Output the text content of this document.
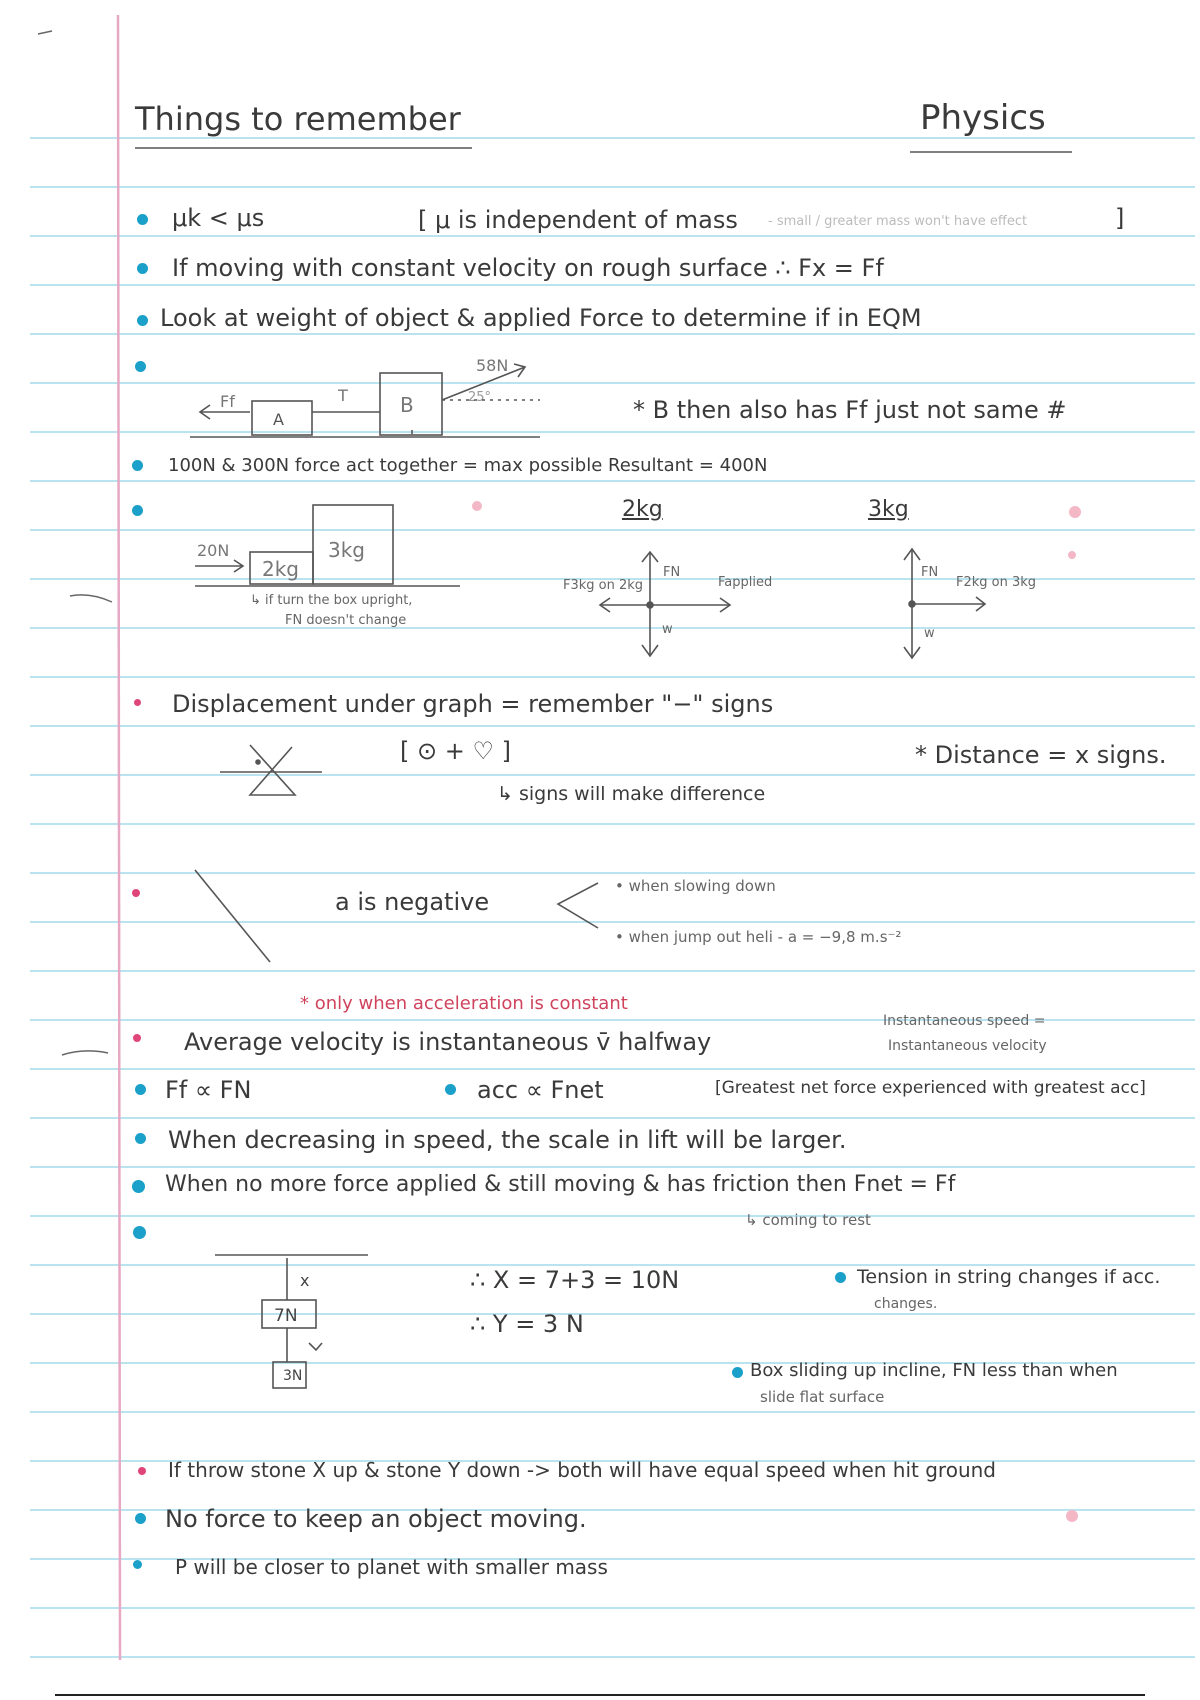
Things to remember	Physics
μk < μs	[ μ is independent of mass - small / greater mass won't have effect	]
If moving with constant velocity on rough surface ∴ Fx = Ff
Look at weight of object & applied Force to determine if in EQM
Ff
A
T	B
58N
25°	* B then also has Ff just not same #
100N & 300N force act together = max possible Resultant = 400N
20N
2kg
3kg
↳ if turn the box upright,
FN doesn't change
2kg
FN
F3kg on 2kg	Fapplied
w
3kg
FN
F2kg on 3kg
w
Displacement under graph = remember "−" signs
[ ⊙ + ♡ ]
↳ signs will make difference
* Distance = x signs.
a is negative
• when slowing down
• when jump out heli - a = −9,8 m.s⁻²
* only when acceleration is constant
Average velocity is instantaneous v̄ halfway
Instantaneous speed =
Instantaneous velocity
Ff ∝ FN	acc ∝ Fnet	[Greatest net force experienced with greatest acc]
When decreasing in speed, the scale in lift will be larger.
When no more force applied & still moving & has friction then Fnet = Ff
↳ coming to rest
x
7N
3N
∴ X = 7+3 = 10N
∴ Y = 3 N
Tension in string changes if acc.
changes.
Box sliding up incline, FN less than when
slide flat surface
If throw stone X up & stone Y down -> both will have equal speed when hit ground
No force to keep an object moving.
P will be closer to planet with smaller mass
